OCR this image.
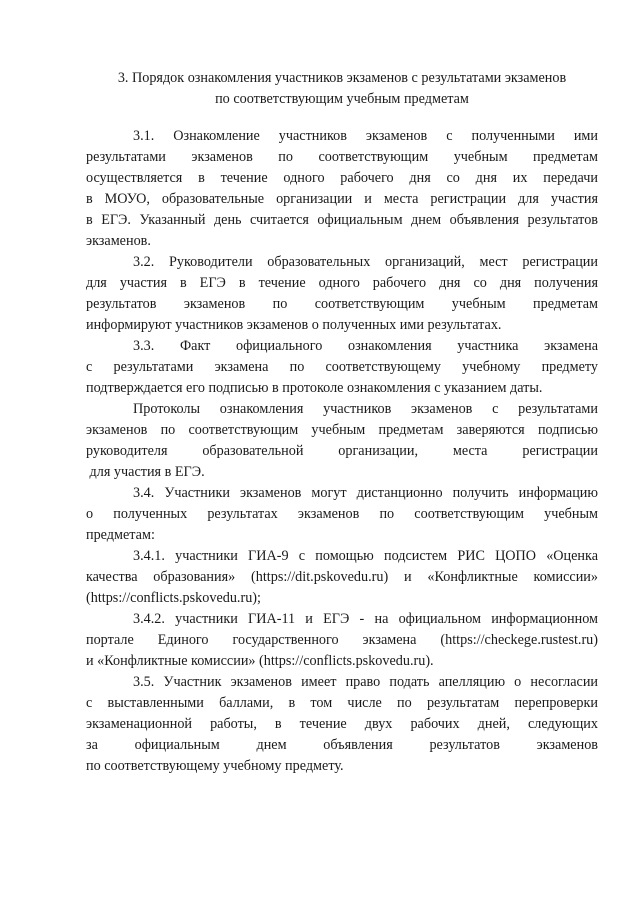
3. Порядок ознакомления участников экзаменов с результатами экзаменов
по соответствующим учебным предметам
3.1. Ознакомление участников экзаменов с полученными ими
результатами экзаменов по соответствующим учебным предметам
осуществляется в течение одного рабочего дня со дня их передачи
в МОУО, образовательные организации и места регистрации для участия
в ЕГЭ. Указанный день считается официальным днем объявления результатов
экзаменов.
3.2. Руководители образовательных организаций, мест регистрации
для участия в ЕГЭ в течение одного рабочего дня со дня получения
результатов экзаменов по соответствующим учебным предметам
информируют участников экзаменов о полученных ими результатах.
3.3. Факт официального ознакомления участника экзамена
с результатами экзамена по соответствующему учебному предмету
подтверждается его подписью в протоколе ознакомления с указанием даты.
Протоколы ознакомления участников экзаменов с результатами
экзаменов по соответствующим учебным предметам заверяются подписью
руководителя образовательной организации, места регистрации
для участия в ЕГЭ.
3.4. Участники экзаменов могут дистанционно получить информацию
о полученных результатах экзаменов по соответствующим учебным
предметам:
3.4.1. участники ГИА-9 с помощью подсистем РИС ЦОПО «Оценка
качества образования» (https://dit.pskovedu.ru) и «Конфликтные комиссии»
(https://conflicts.pskovedu.ru);
3.4.2. участники ГИА-11 и ЕГЭ - на официальном информационном
портале Единого государственного экзамена (https://checkege.rustest.ru)
и «Конфликтные комиссии» (https://conflicts.pskovedu.ru).
3.5. Участник экзаменов имеет право подать апелляцию о несогласии
с выставленными баллами, в том числе по результатам перепроверки
экзаменационной работы, в течение двух рабочих дней, следующих
за официальным днем объявления результатов экзаменов
по соответствующему учебному предмету.
